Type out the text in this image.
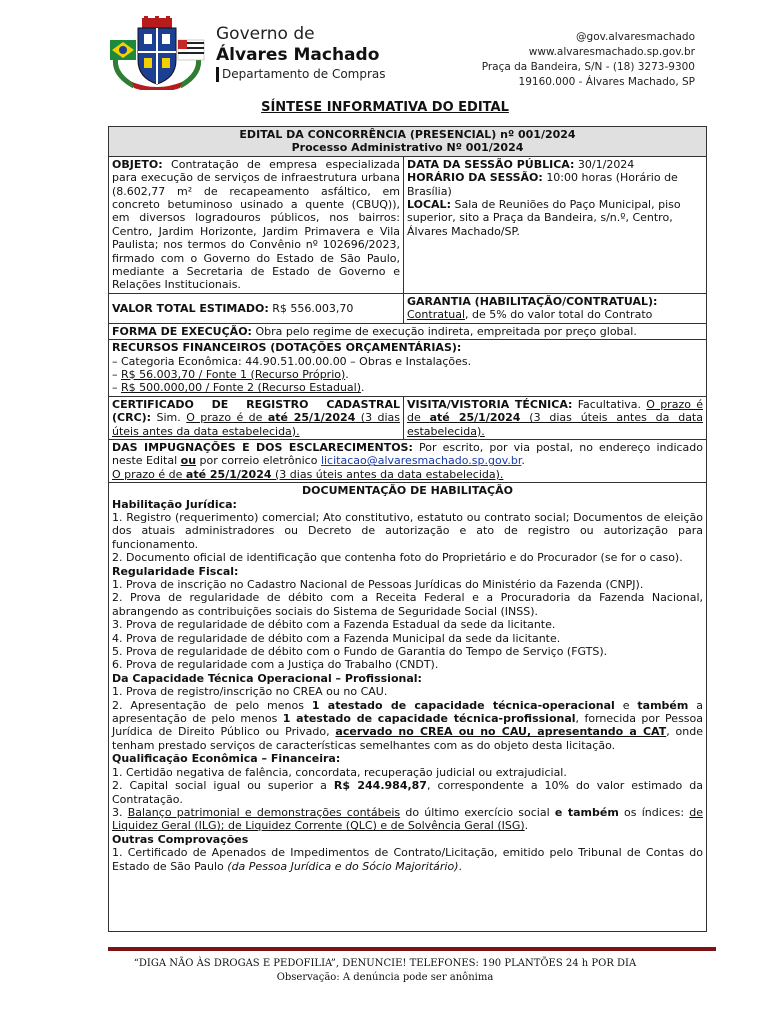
Governo de
Álvares Machado
Departamento de Compras
@gov.alvaresmachado
www.alvaresmachado.sp.gov.br
Praça da Bandeira, S/N - (18) 3273-9300
19160.000 - Álvares Machado, SP
SÍNTESE INFORMATIVA DO EDITAL
EDITAL DA CONCORRÊNCIA (PRESENCIAL) nº 001/2024
Processo Administrativo Nº 001/2024
OBJETO: Contratação de empresa especializada para execução de serviços de infraestrutura urbana (8.602,77 m² de recapeamento asfáltico, em concreto betuminoso usinado a quente (CBUQ)), em diversos logradouros públicos, nos bairros: Centro, Jardim Horizonte, Jardim Primavera e Vila Paulista; nos termos do Convênio nº 102696/2023, firmado com o Governo do Estado de São Paulo, mediante a Secretaria de Estado de Governo e Relações Institucionais.
DATA DA SESSÃO PÚBLICA: 30/1/2024
HORÁRIO DA SESSÃO: 10:00 horas (Horário de Brasília)
LOCAL: Sala de Reuniões do Paço Municipal, piso superior, sito a Praça da Bandeira, s/n.º, Centro, Álvares Machado/SP.
VALOR TOTAL ESTIMADO: R$ 556.003,70
GARANTIA (HABILITAÇÃO/CONTRATUAL):
Contratual, de 5% do valor total do Contrato
FORMA DE EXECUÇÃO: Obra pelo regime de execução indireta, empreitada por preço global.
RECURSOS FINANCEIROS (DOTAÇÕES ORÇAMENTÁRIAS):
– Categoria Econômica: 44.90.51.00.00.00 – Obras e Instalações.
– R$ 56.003,70 / Fonte 1 (Recurso Próprio).
– R$ 500.000,00 / Fonte 2 (Recurso Estadual).
CERTIFICADO DE REGISTRO CADASTRAL (CRC): Sim. O prazo é de até 25/1/2024 (3 dias úteis antes da data estabelecida).
VISITA/VISTORIA TÉCNICA: Facultativa. O prazo é de até 25/1/2024 (3 dias úteis antes da data estabelecida).
DAS IMPUGNAÇÕES E DOS ESCLARECIMENTOS: Por escrito, por via postal, no endereço indicado neste Edital ou por correio eletrônico licitacao@alvaresmachado.sp.gov.br.
O prazo é de até 25/1/2024 (3 dias úteis antes da data estabelecida).
DOCUMENTAÇÃO DE HABILITAÇÃO
Habilitação Jurídica:
1. Registro (requerimento) comercial; Ato constitutivo, estatuto ou contrato social; Documentos de eleição dos atuais administradores ou Decreto de autorização e ato de registro ou autorização para funcionamento.
2. Documento oficial de identificação que contenha foto do Proprietário e do Procurador (se for o caso).
Regularidade Fiscal:
1. Prova de inscrição no Cadastro Nacional de Pessoas Jurídicas do Ministério da Fazenda (CNPJ).
2. Prova de regularidade de débito com a Receita Federal e a Procuradoria da Fazenda Nacional, abrangendo as contribuições sociais do Sistema de Seguridade Social (INSS).
3. Prova de regularidade de débito com a Fazenda Estadual da sede da licitante.
4. Prova de regularidade de débito com a Fazenda Municipal da sede da licitante.
5. Prova de regularidade de débito com o Fundo de Garantia do Tempo de Serviço (FGTS).
6. Prova de regularidade com a Justiça do Trabalho (CNDT).
Da Capacidade Técnica Operacional – Profissional:
1. Prova de registro/inscrição no CREA ou no CAU.
2. Apresentação de pelo menos 1 atestado de capacidade técnica-operacional e também a apresentação de pelo menos 1 atestado de capacidade técnica-profissional, fornecida por Pessoa Jurídica de Direito Público ou Privado, acervado no CREA ou no CAU, apresentando a CAT, onde tenham prestado serviços de características semelhantes com as do objeto desta licitação.
Qualificação Econômica – Financeira:
1. Certidão negativa de falência, concordata, recuperação judicial ou extrajudicial.
2. Capital social igual ou superior a R$ 244.984,87, correspondente a 10% do valor estimado da Contratação.
3. Balanço patrimonial e demonstrações contábeis do último exercício social e também os índices: de Liquidez Geral (ILG); de Liquidez Corrente (QLC) e de Solvência Geral (ISG).
Outras Comprovações
1. Certificado de Apenados de Impedimentos de Contrato/Licitação, emitido pelo Tribunal de Contas do Estado de São Paulo (da Pessoa Jurídica e do Sócio Majoritário).
“DIGA NÃO ÀS DROGAS E PEDOFILIA”, DENUNCIE! TELEFONES: 190 PLANTÕES 24 h POR DIA
Observação: A denúncia pode ser anônima
